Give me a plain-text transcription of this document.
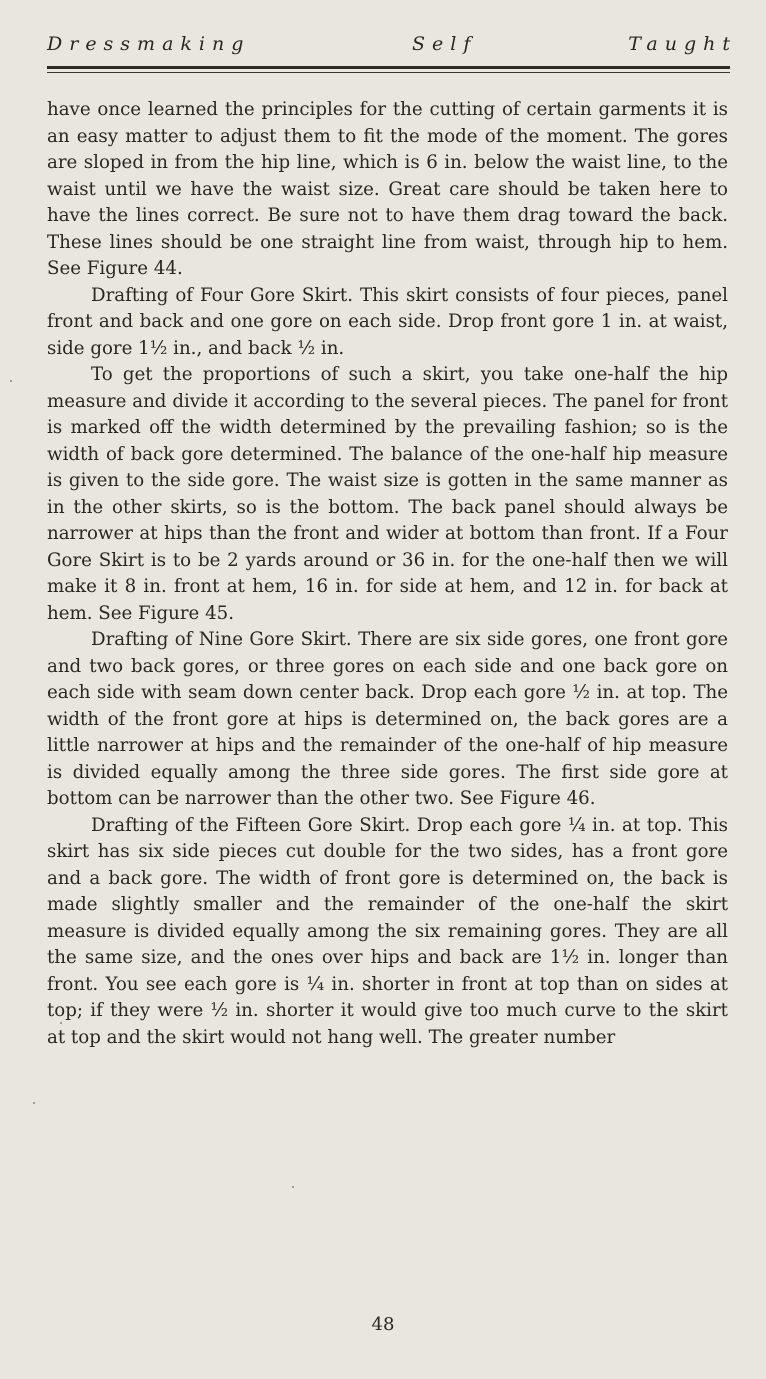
Dressmaking	Self	Taught

have once learned the principles for the cutting of certain garments it is an easy matter to adjust them to fit the mode of the moment. The gores are sloped in from the hip line, which is 6 in. below the waist line, to the waist until we have the waist size. Great care should be taken here to have the lines correct. Be sure not to have them drag toward the back. These lines should be one straight line from waist, through hip to hem. See Figure 44.

Drafting of Four Gore Skirt. This skirt consists of four pieces, panel front and back and one gore on each side. Drop front gore 1 in. at waist, side gore 1½ in., and back ½ in.

To get the proportions of such a skirt, you take one-half the hip measure and divide it according to the several pieces. The panel for front is marked off the width determined by the prevailing fashion; so is the width of back gore determined. The balance of the one-half hip measure is given to the side gore. The waist size is gotten in the same manner as in the other skirts, so is the bottom. The back panel should always be narrower at hips than the front and wider at bottom than front. If a Four Gore Skirt is to be 2 yards around or 36 in. for the one-half then we will make it 8 in. front at hem, 16 in. for side at hem, and 12 in. for back at hem. See Figure 45.

Drafting of Nine Gore Skirt. There are six side gores, one front gore and two back gores, or three gores on each side and one back gore on each side with seam down center back. Drop each gore ½ in. at top. The width of the front gore at hips is determined on, the back gores are a little narrower at hips and the remainder of the one-half of hip measure is divided equally among the three side gores. The first side gore at bottom can be narrower than the other two. See Figure 46.

Drafting of the Fifteen Gore Skirt. Drop each gore ¼ in. at top. This skirt has six side pieces cut double for the two sides, has a front gore and a back gore. The width of front gore is determined on, the back is made slightly smaller and the remainder of the one-half the skirt measure is divided equally among the six remaining gores. They are all the same size, and the ones over hips and back are 1½ in. longer than front. You see each gore is ¼ in. shorter in front at top than on sides at top; if they were ½ in. shorter it would give too much curve to the skirt at top and the skirt would not hang well. The greater number

48
